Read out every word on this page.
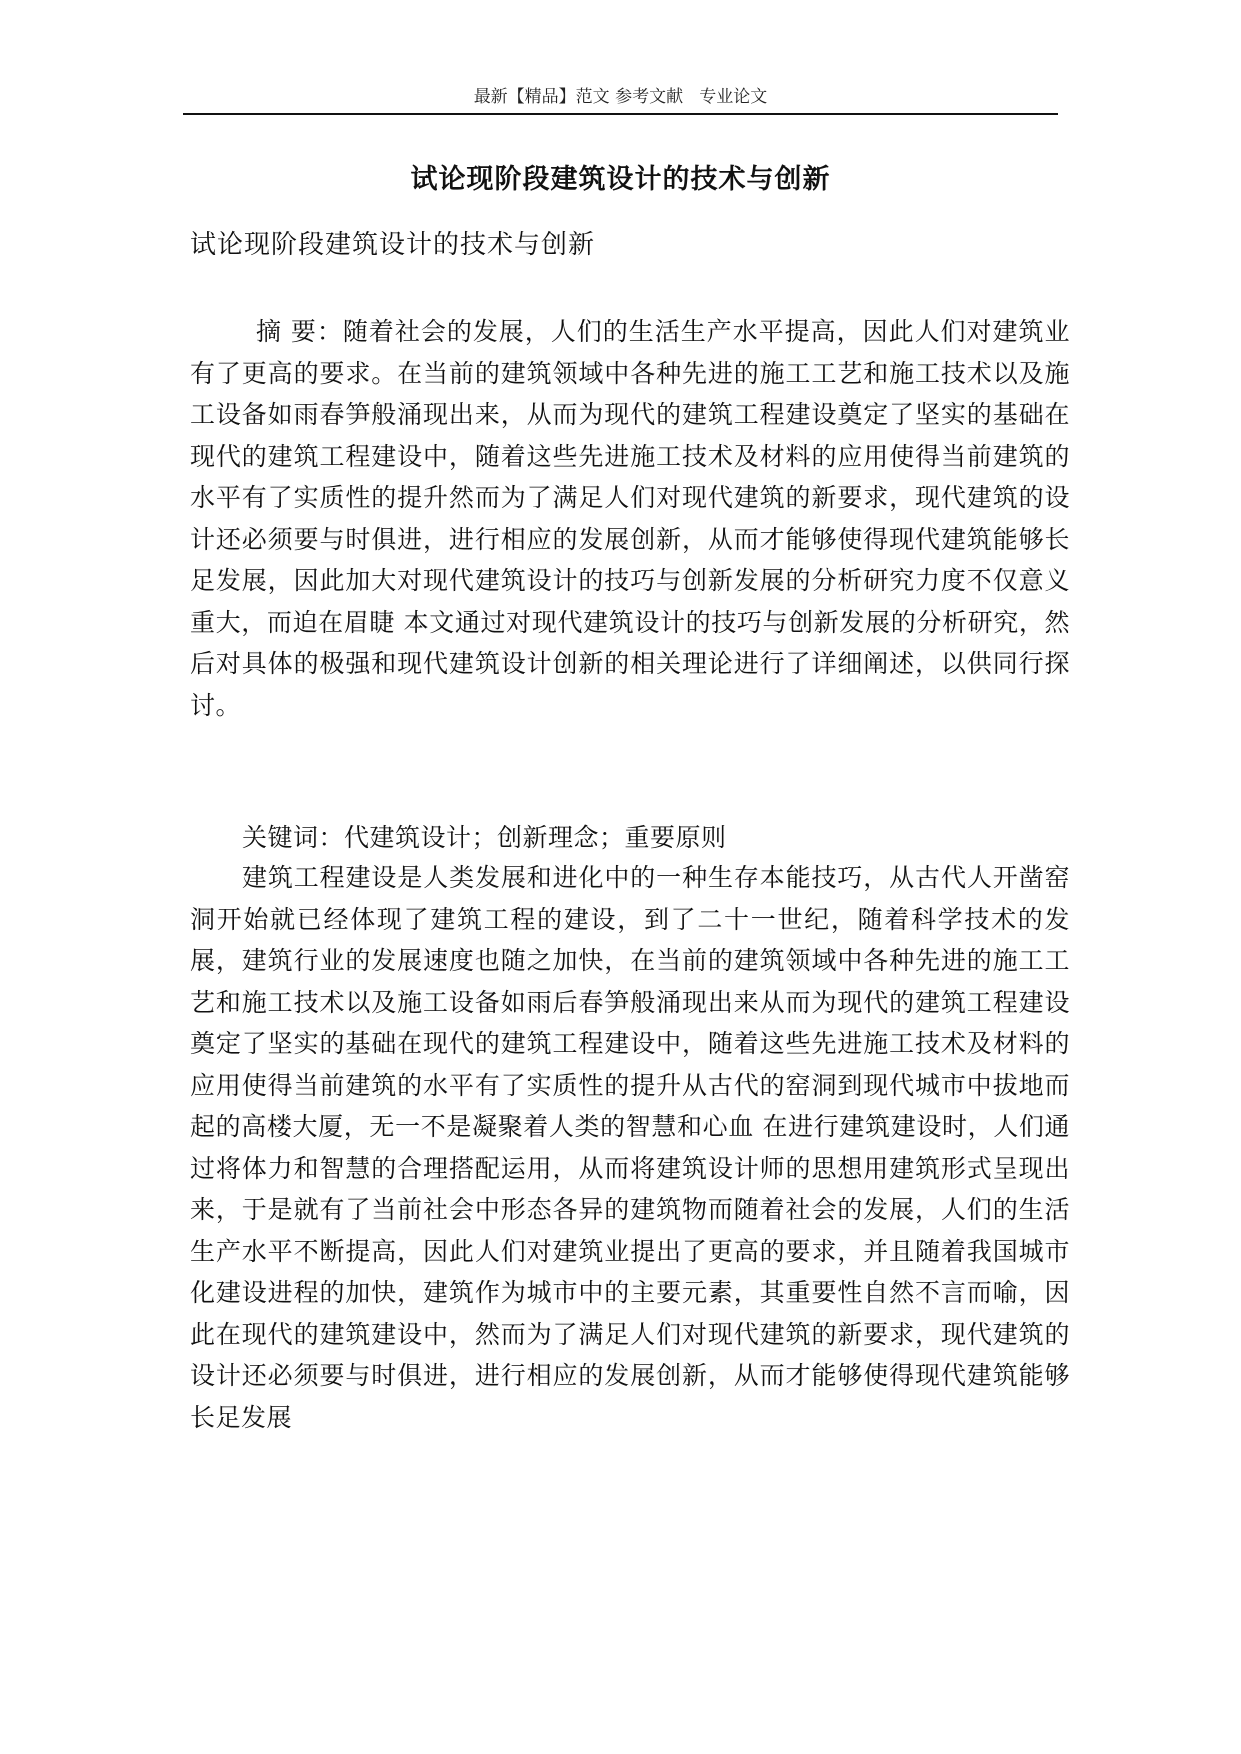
最新【精品】范文 参考文献   专业论文
试论现阶段建筑设计的技术与创新
试论现阶段建筑设计的技术与创新
摘 要：随着社会的发展，人们的生活生产水平提高，因此人们对建筑业有了更高的要求。在当前的建筑领域中各种先进的施工工艺和施工技术以及施工设备如雨春笋般涌现出来，从而为现代的建筑工程建设奠定了坚实的基础在现代的建筑工程建设中，随着这些先进施工技术及材料的应用使得当前建筑的水平有了实质性的提升然而为了满足人们对现代建筑的新要求，现代建筑的设计还必须要与时俱进，进行相应的发展创新，从而才能够使得现代建筑能够长足发展，因此加大对现代建筑设计的技巧与创新发展的分析研究力度不仅意义重大，而迫在眉睫 本文通过对现代建筑设计的技巧与创新发展的分析研究，然后对具体的极强和现代建筑设计创新的相关理论进行了详细阐述，以供同行探讨。
关键词：代建筑设计；创新理念；重要原则
建筑工程建设是人类发展和进化中的一种生存本能技巧，从古代人开凿窑洞开始就已经体现了建筑工程的建设，到了二十一世纪，随着科学技术的发展，建筑行业的发展速度也随之加快，在当前的建筑领域中各种先进的施工工艺和施工技术以及施工设备如雨后春笋般涌现出来从而为现代的建筑工程建设奠定了坚实的基础在现代的建筑工程建设中，随着这些先进施工技术及材料的应用使得当前建筑的水平有了实质性的提升从古代的窑洞到现代城市中拔地而起的高楼大厦，无一不是凝聚着人类的智慧和心血 在进行建筑建设时，人们通过将体力和智慧的合理搭配运用，从而将建筑设计师的思想用建筑形式呈现出来，于是就有了当前社会中形态各异的建筑物而随着社会的发展，人们的生活生产水平不断提高，因此人们对建筑业提出了更高的要求，并且随着我国城市化建设进程的加快，建筑作为城市中的主要元素，其重要性自然不言而喻，因此在现代的建筑建设中，然而为了满足人们对现代建筑的新要求，现代建筑的设计还必须要与时俱进，进行相应的发展创新，从而才能够使得现代建筑能够长足发展
